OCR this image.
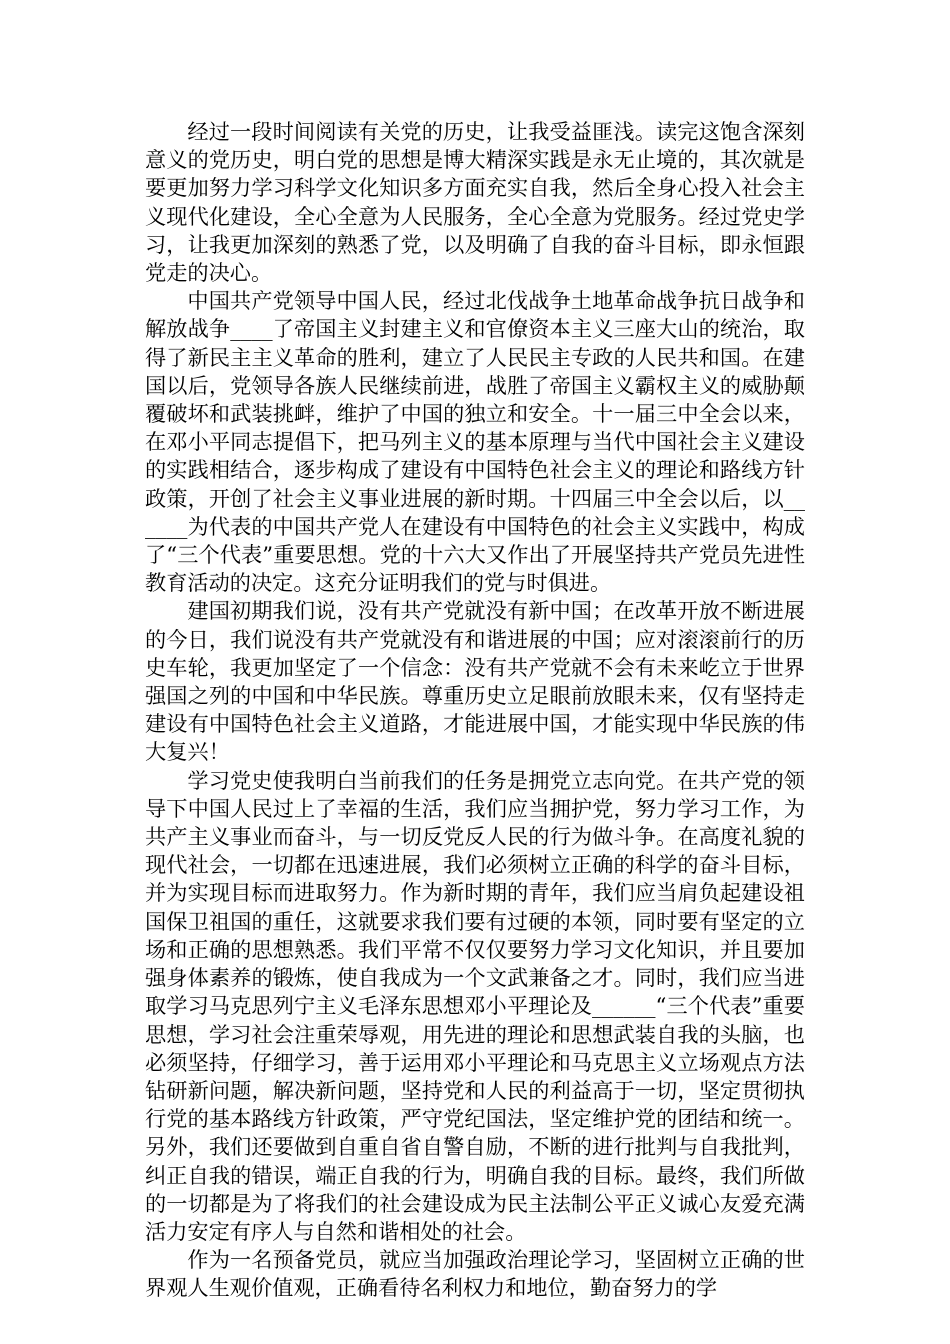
经过一段时间阅读有关党的历史，让我受益匪浅。读完这饱含深刻意义的党历史，明白党的思想是博大精深实践是永无止境的，其次就是要更加努力学习科学文化知识多方面充实自我，然后全身心投入社会主义现代化建设，全心全意为人民服务，全心全意为党服务。经过党史学习，让我更加深刻的熟悉了党，以及明确了自我的奋斗目标，即永恒跟党走的决心。

中国共产党领导中国人民，经过北伐战争土地革命战争抗日战争和解放战争____了帝国主义封建主义和官僚资本主义三座大山的统治，取得了新民主主义革命的胜利，建立了人民民主专政的人民共和国。在建国以后，党领导各族人民继续前进，战胜了帝国主义霸权主义的威胁颠覆破坏和武装挑衅，维护了中国的独立和安全。十一届三中全会以来，在邓小平同志提倡下，把马列主义的基本原理与当代中国社会主义建设的实践相结合，逐步构成了建设有中国特色社会主义的理论和路线方针政策，开创了社会主义事业进展的新时期。十四届三中全会以后，以______为代表的中国共产党人在建设有中国特色的社会主义实践中，构成了“三个代表”重要思想。党的十六大又作出了开展坚持共产党员先进性教育活动的决定。这充分证明我们的党与时俱进。

建国初期我们说，没有共产党就没有新中国；在改革开放不断进展的今日，我们说没有共产党就没有和谐进展的中国；应对滚滚前行的历史车轮，我更加坚定了一个信念：没有共产党就不会有未来屹立于世界强国之列的中国和中华民族。尊重历史立足眼前放眼未来，仅有坚持走建设有中国特色社会主义道路，才能进展中国，才能实现中华民族的伟大复兴！

学习党史使我明白当前我们的任务是拥党立志向党。在共产党的领导下中国人民过上了幸福的生活，我们应当拥护党，努力学习工作，为共产主义事业而奋斗，与一切反党反人民的行为做斗争。在高度礼貌的现代社会，一切都在迅速进展，我们必须树立正确的科学的奋斗目标，并为实现目标而进取努力。作为新时期的青年，我们应当肩负起建设祖国保卫祖国的重任，这就要求我们要有过硬的本领，同时要有坚定的立场和正确的思想熟悉。我们平常不仅仅要努力学习文化知识，并且要加强身体素养的锻炼，使自我成为一个文武兼备之才。同时，我们应当进取学习马克思列宁主义毛泽东思想邓小平理论及______“三个代表”重要思想，学习社会注重荣辱观，用先进的理论和思想武装自我的头脑，也必须坚持，仔细学习，善于运用邓小平理论和马克思主义立场观点方法钻研新问题，解决新问题，坚持党和人民的利益高于一切，坚定贯彻执行党的基本路线方针政策，严守党纪国法，坚定维护党的团结和统一。另外，我们还要做到自重自省自警自励，不断的进行批判与自我批判，纠正自我的错误，端正自我的行为，明确自我的目标。最终，我们所做的一切都是为了将我们的社会建设成为民主法制公平正义诚心友爱充满活力安定有序人与自然和谐相处的社会。

作为一名预备党员，就应当加强政治理论学习，坚固树立正确的世界观人生观价值观，正确看待名利权力和地位，勤奋努力的学
